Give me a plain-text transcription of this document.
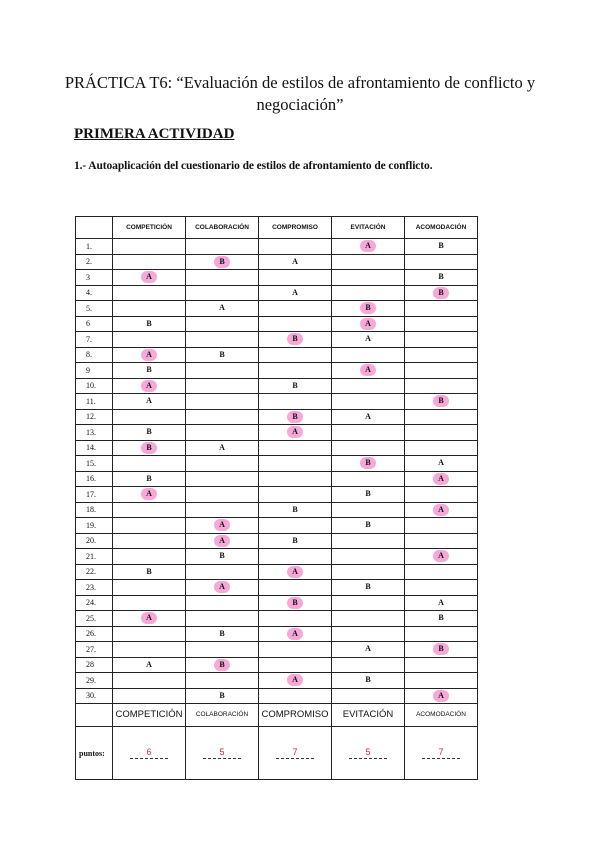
PRÁCTICA T6: “Evaluación de estilos de afrontamiento de conflicto y negociación”
PRIMERA ACTIVIDAD
1.- Autoaplicación del cuestionario de estilos de afrontamiento de conflicto.
	COMPETICIÓN	COLABORACIÓN	COMPROMISO	EVITACIÓN	ACOMODACIÓN
1.				A	B
2.		B	A		
3	A				B
4.			A		B
5.		A		B	
6	B			A	
7.			B	A	
8.	A	B			
9	B			A	
10.	A		B		
11.	A				B
12.			B	A	
13.	B		A		
14.	B	A			
15.				B	A
16.	B				A
17.	A			B	
18.			B		A
19.		A		B	
20.		A	B		
21.		B			A
22.	B		A		
23.		A		B	
24.			B		A
25.	A				B
26.		B	A		
27.				A	B
28	A	B			
29.			A	B	
30.		B			A
	COMPETICIÓN	COLABORACIÓN	COMPROMISO	EVITACIÓN	ACOMODACIÓN
puntos:	6	5	7	5	7
